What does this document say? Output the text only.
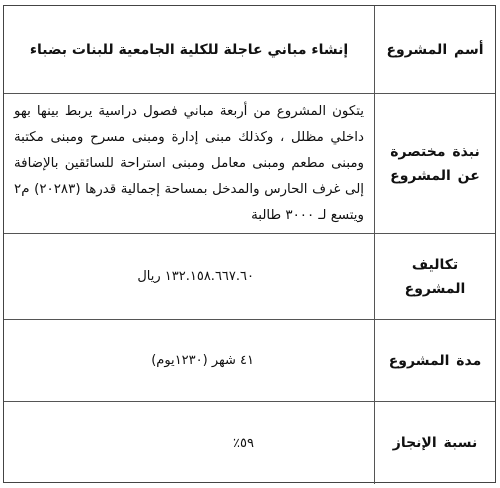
أسم المشروع
إنشاء مباني عاجلة للكلية الجامعية للبنات بضباء
نبذة مختصرة عن المشروع

يتكون المشروع من أربعة مباني فصول دراسية يربط بينها بهو داخلي مظلل ، وكذلك مبنى إدارة ومبنى مسرح ومبنى مكتبة ومبنى مطعم ومبنى معامل ومبنى استراحة للسائقين بالإضافة إلى غرف الحارس والمدخل بمساحة إجمالية قدرها (٢٠٢٨٣) م٢ ويتسع لـ ٣٠٠٠ طالبة

تكاليف المشروع
١٣٢.١٥٨.٦٦٧.٦٠ ريال
مدة المشروع
٤١ شهر (١٢٣٠يوم)
نسبة الإنجاز
٥٩٪
